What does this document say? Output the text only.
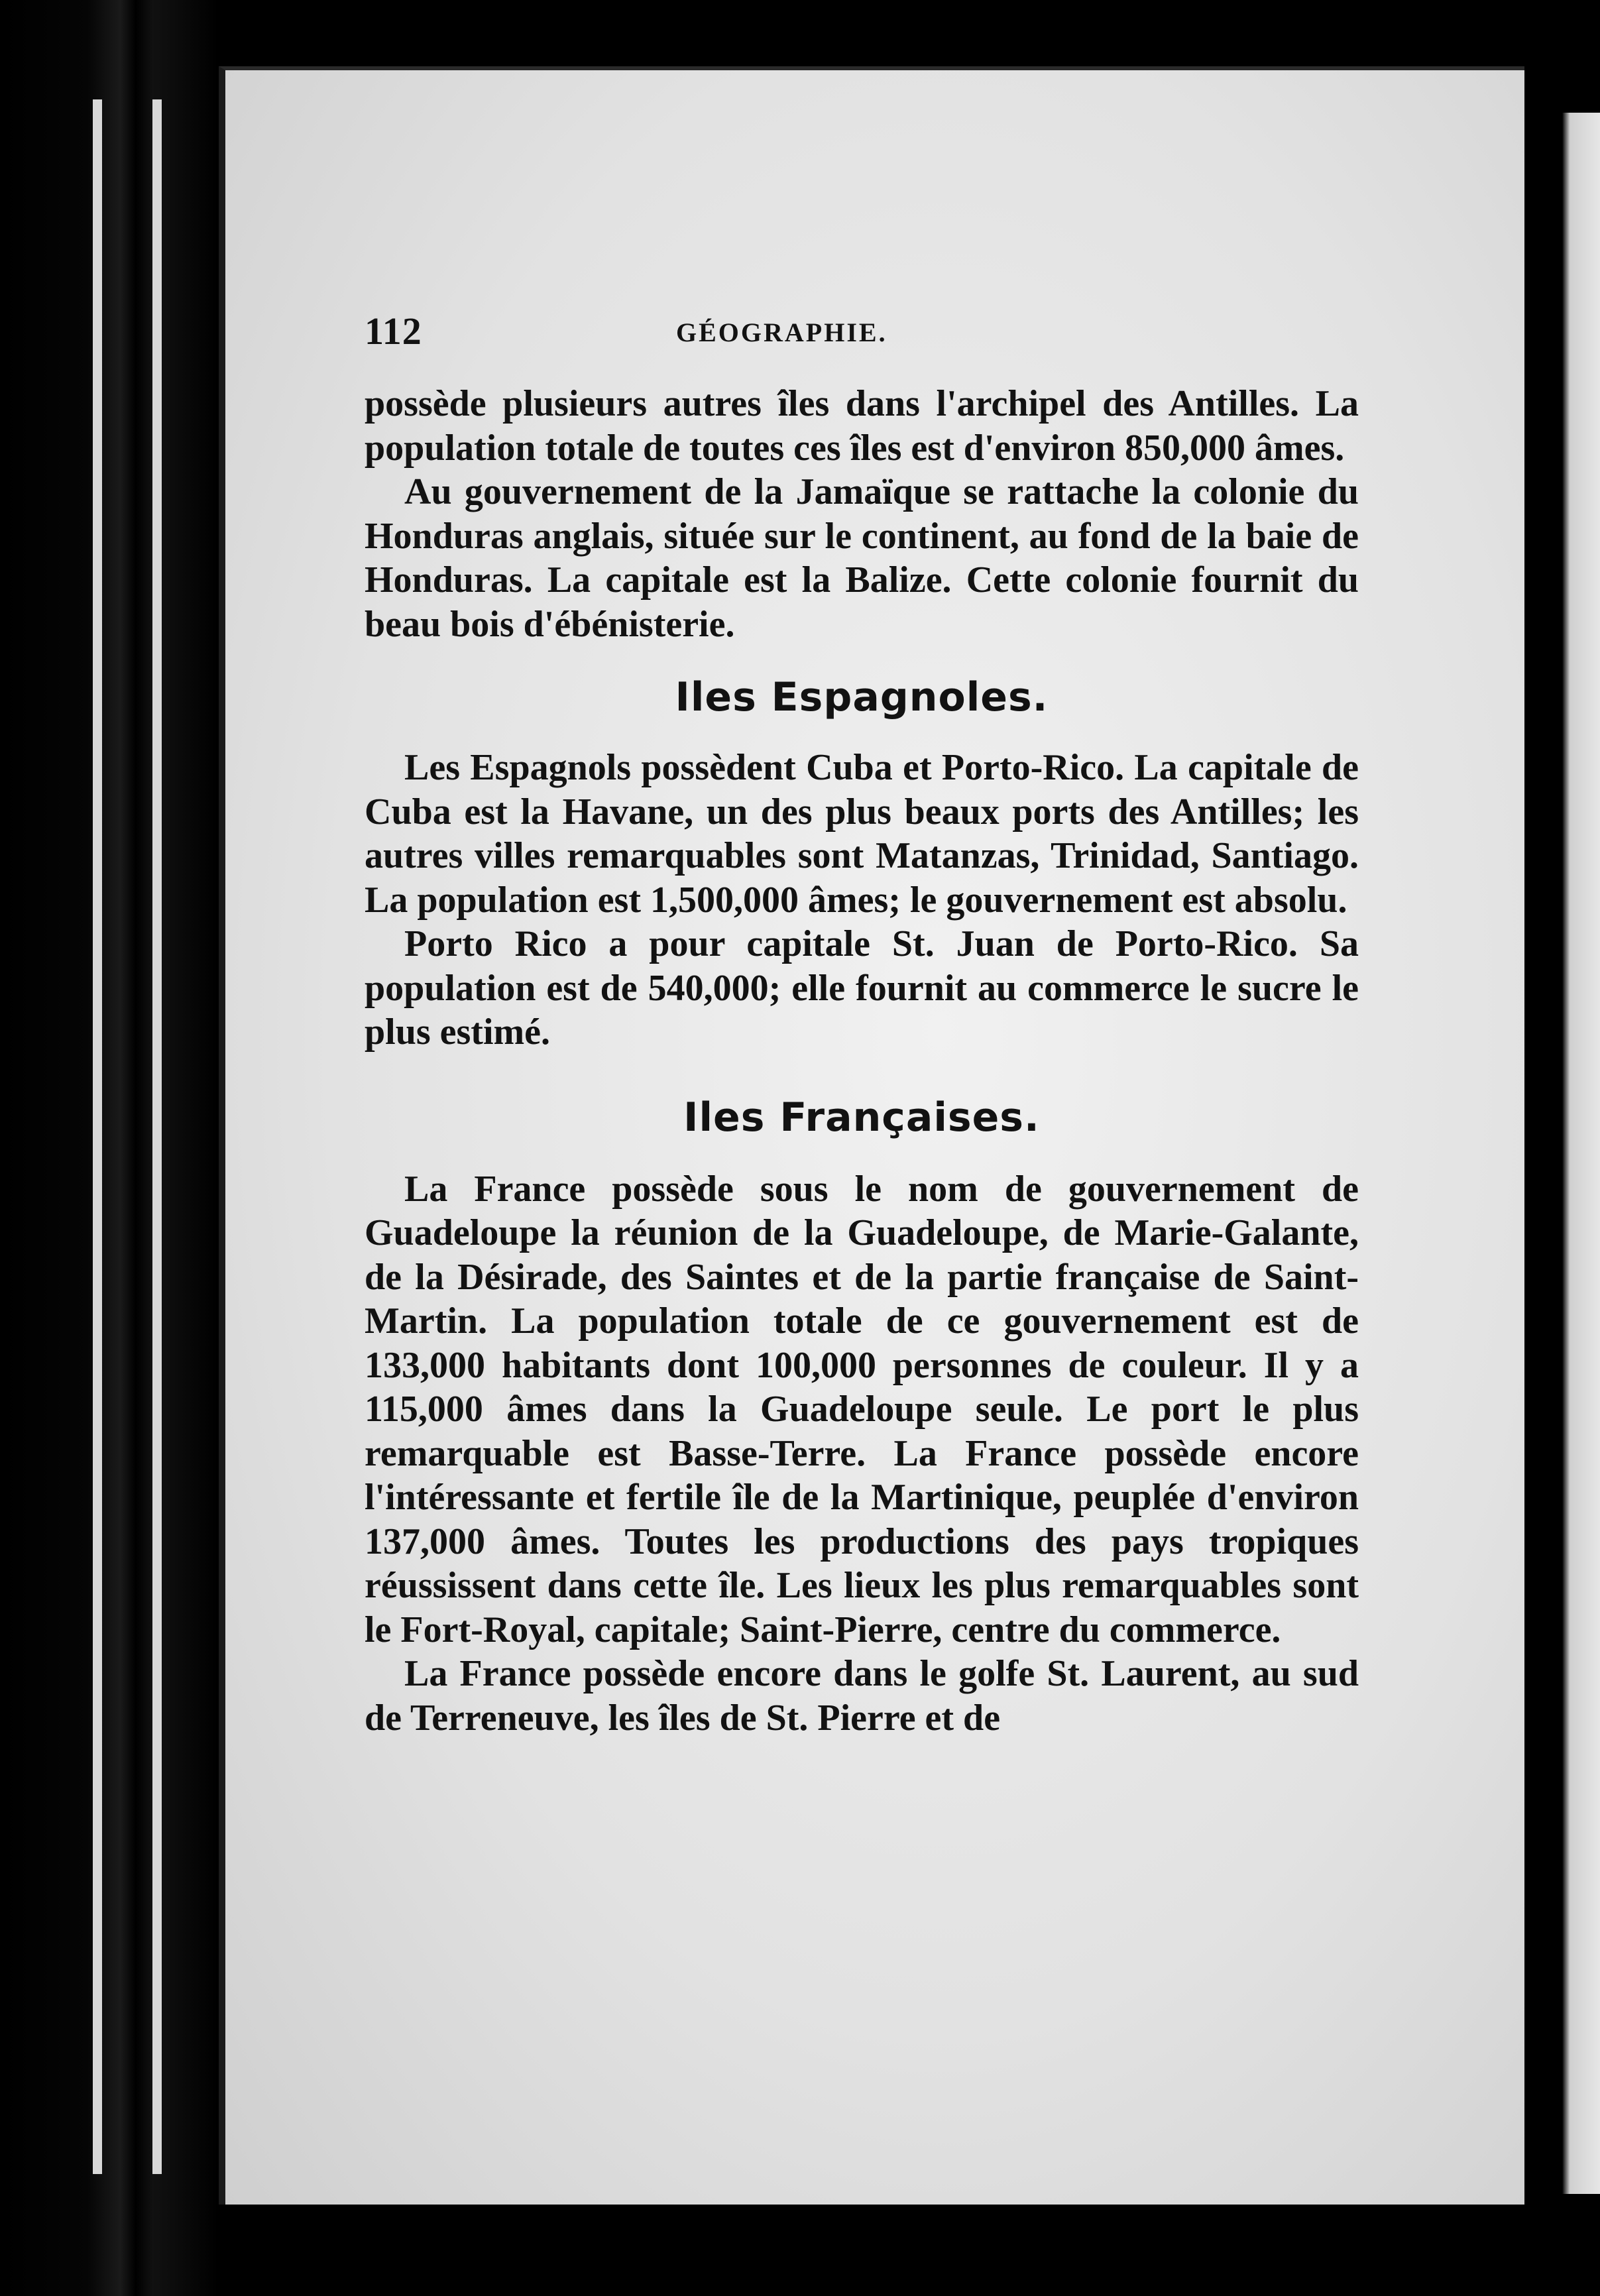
112	GÉOGRAPHIE.

possède plusieurs autres îles dans l'archipel des Antilles. La population totale de toutes ces îles est d'environ 850,000 âmes.

Au gouvernement de la Jamaïque se rattache la colonie du Honduras anglais, située sur le continent, au fond de la baie de Honduras. La capitale est la Balize. Cette colonie fournit du beau bois d'ébénisterie.

Iles Espagnoles.

Les Espagnols possèdent Cuba et Porto-Rico. La capitale de Cuba est la Havane, un des plus beaux ports des Antilles; les autres villes remarquables sont Matanzas, Trinidad, Santiago. La population est 1,500,000 âmes; le gouvernement est absolu.

Porto Rico a pour capitale St. Juan de Porto-Rico. Sa population est de 540,000; elle fournit au commerce le sucre le plus estimé.

Iles Françaises.

La France possède sous le nom de gouvernement de Guadeloupe la réunion de la Guadeloupe, de Marie-Galante, de la Désirade, des Saintes et de la partie française de Saint-Martin. La population totale de ce gouvernement est de 133,000 habitants dont 100,000 personnes de couleur. Il y a 115,000 âmes dans la Guadeloupe seule. Le port le plus remarquable est Basse-Terre. La France possède encore l'intéressante et fertile île de la Martinique, peuplée d'environ 137,000 âmes. Toutes les productions des pays tropiques réussissent dans cette île. Les lieux les plus remarquables sont le Fort-Royal, capitale; Saint-Pierre, centre du commerce.

La France possède encore dans le golfe St. Laurent, au sud de Terreneuve, les îles de St. Pierre et de
